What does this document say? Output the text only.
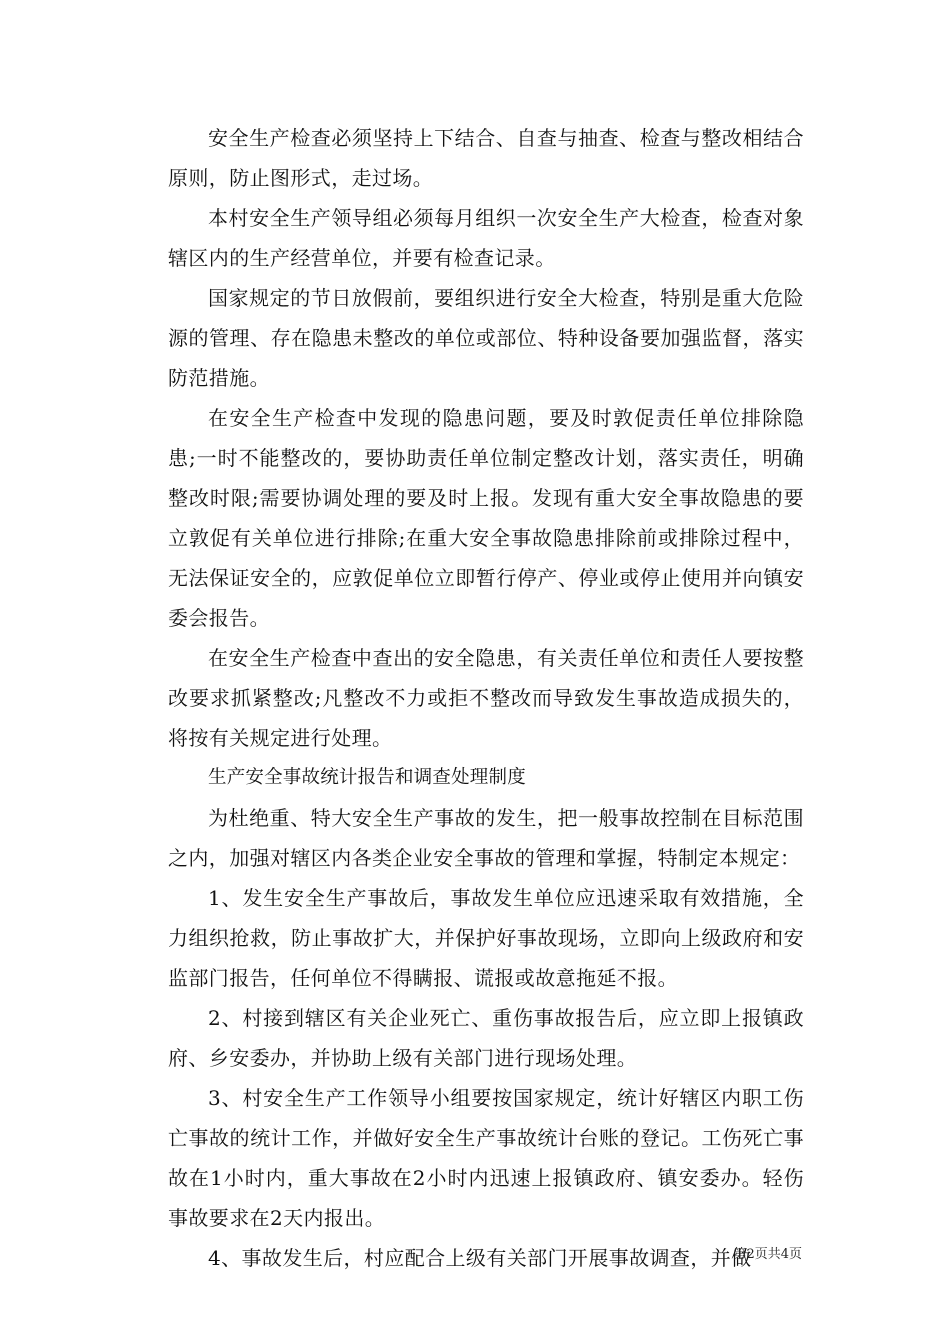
安全生产检查必须坚持上下结合、自查与抽查、检查与整改相结合原则，防止图形式，走过场。

本村安全生产领导组必须每月组织一次安全生产大检查，检查对象辖区内的生产经营单位，并要有检查记录。

国家规定的节日放假前，要组织进行安全大检查，特别是重大危险源的管理、存在隐患未整改的单位或部位、特种设备要加强监督，落实防范措施。

在安全生产检查中发现的隐患问题，要及时敦促责任单位排除隐患;一时不能整改的，要协助责任单位制定整改计划，落实责任，明确整改时限;需要协调处理的要及时上报。发现有重大安全事故隐患的要立敦促有关单位进行排除;在重大安全事故隐患排除前或排除过程中，无法保证安全的，应敦促单位立即暂行停产、停业或停止使用并向镇安委会报告。

在安全生产检查中查出的安全隐患，有关责任单位和责任人要按整改要求抓紧整改;凡整改不力或拒不整改而导致发生事故造成损失的，将按有关规定进行处理。

生产安全事故统计报告和调查处理制度

为杜绝重、特大安全生产事故的发生，把一般事故控制在目标范围之内，加强对辖区内各类企业安全事故的管理和掌握，特制定本规定：

1、发生安全生产事故后，事故发生单位应迅速采取有效措施，全力组织抢救，防止事故扩大，并保护好事故现场，立即向上级政府和安监部门报告，任何单位不得瞒报、谎报或故意拖延不报。

2、村接到辖区有关企业死亡、重伤事故报告后，应立即上报镇政府、乡安委办，并协助上级有关部门进行现场处理。

3、村安全生产工作领导小组要按国家规定，统计好辖区内职工伤亡事故的统计工作，并做好安全生产事故统计台账的登记。工伤死亡事故在1小时内，重大事故在2小时内迅速上报镇政府、镇安委办。轻伤事故要求在2天内报出。

4、事故发生后，村应配合上级有关部门开展事故调查，并做

第2页共4页
